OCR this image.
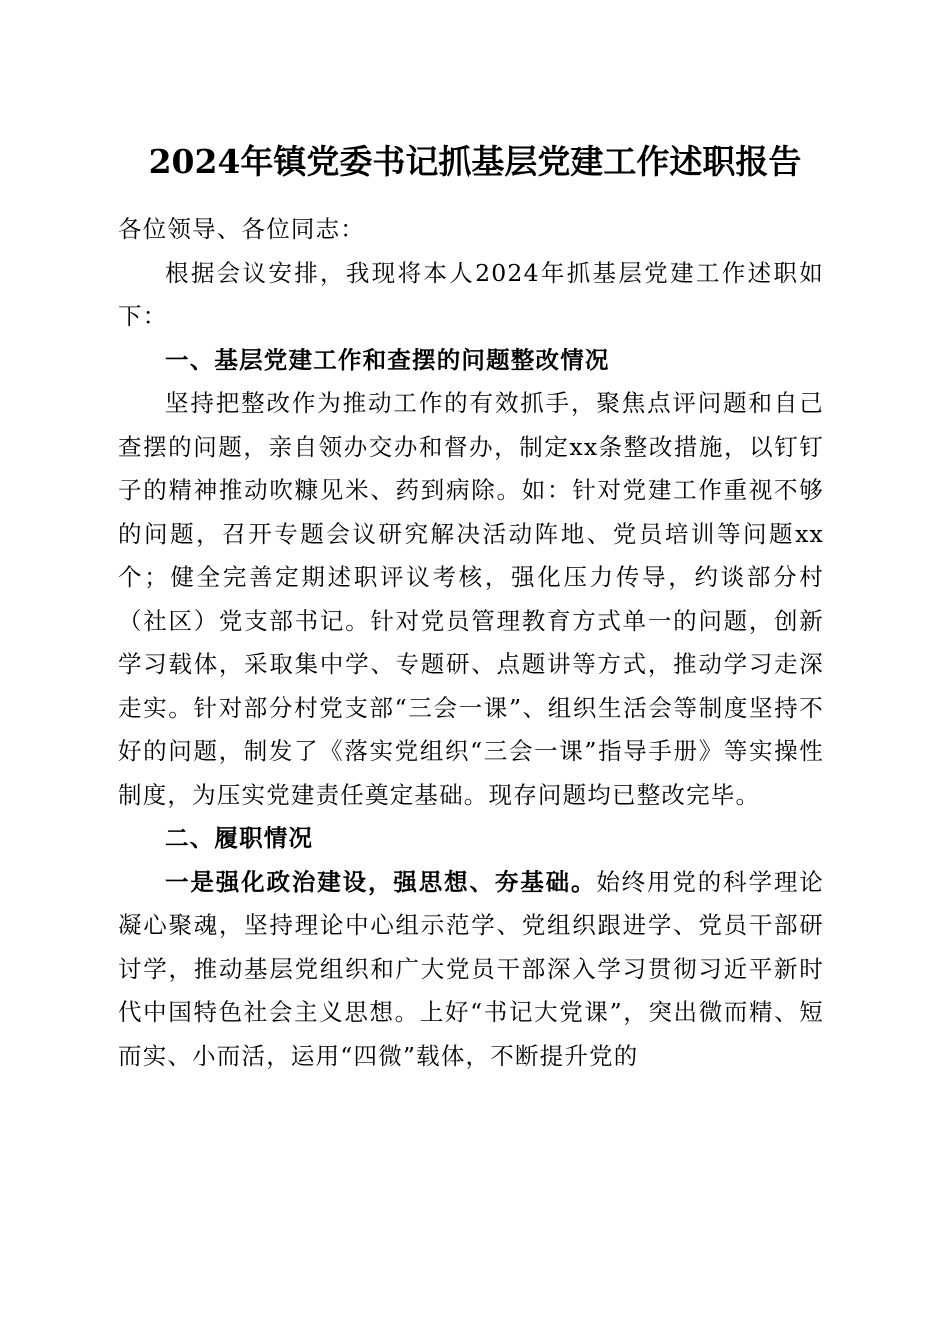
2024年镇党委书记抓基层党建工作述职报告

各位领导、各位同志：

根据会议安排，我现将本人2024年抓基层党建工作述职如下：

一、基层党建工作和查摆的问题整改情况

坚持把整改作为推动工作的有效抓手，聚焦点评问题和自己查摆的问题，亲自领办交办和督办，制定xx条整改措施，以钉钉子的精神推动吹糠见米、药到病除。如：针对党建工作重视不够的问题，召开专题会议研究解决活动阵地、党员培训等问题xx个；健全完善定期述职评议考核，强化压力传导，约谈部分村（社区）党支部书记。针对党员管理教育方式单一的问题，创新学习载体，采取集中学、专题研、点题讲等方式，推动学习走深走实。针对部分村党支部“三会一课”、组织生活会等制度坚持不好的问题，制发了《落实党组织“三会一课”指导手册》等实操性制度，为压实党建责任奠定基础。现存问题均已整改完毕。

二、履职情况

一是强化政治建设，强思想、夯基础。始终用党的科学理论凝心聚魂，坚持理论中心组示范学、党组织跟进学、党员干部研讨学，推动基层党组织和广大党员干部深入学习贯彻习近平新时代中国特色社会主义思想。上好“书记大党课”，突出微而精、短而实、小而活，运用“四微”载体，不断提升党的
